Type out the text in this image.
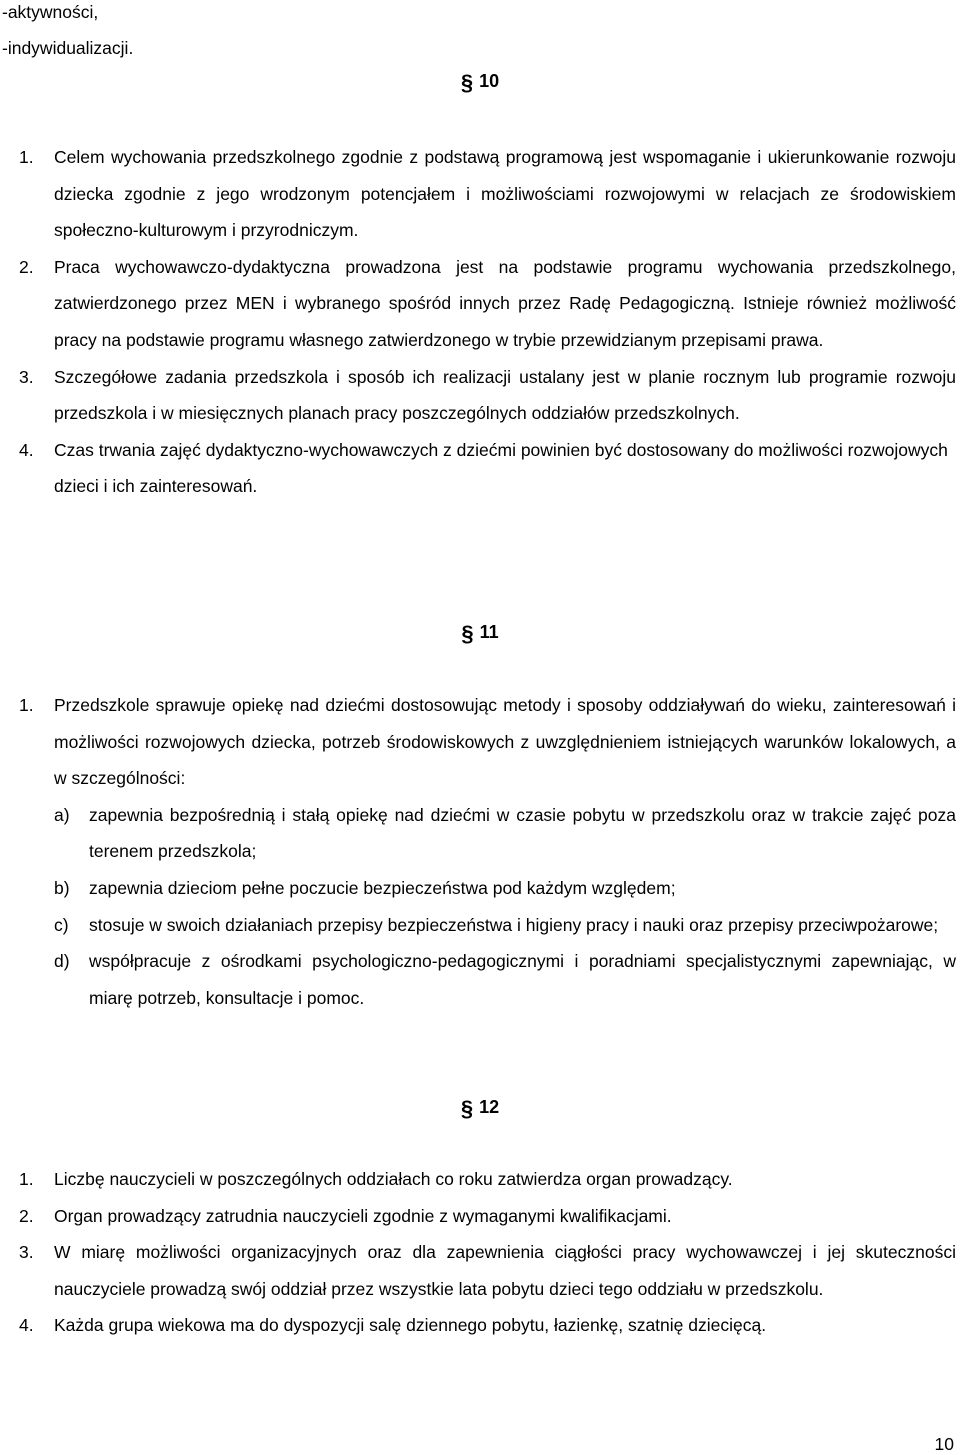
-aktywności,
-indywidualizacji.
§ 10
1. Celem wychowania przedszkolnego zgodnie z podstawą programową jest wspomaganie i ukierunkowanie rozwoju dziecka zgodnie z jego wrodzonym potencjałem i możliwościami rozwojowymi w relacjach ze środowiskiem społeczno-kulturowym i przyrodniczym.
2. Praca wychowawczo-dydaktyczna prowadzona jest na podstawie programu wychowania przedszkolnego, zatwierdzonego przez MEN i wybranego spośród innych przez Radę Pedagogiczną. Istnieje również możliwość pracy na podstawie programu własnego zatwierdzonego w trybie przewidzianym przepisami prawa.
3. Szczegółowe zadania przedszkola i sposób ich realizacji ustalany jest w planie rocznym lub programie rozwoju przedszkola i w miesięcznych planach pracy poszczególnych oddziałów przedszkolnych.
4. Czas trwania zajęć dydaktyczno-wychowawczych z dziećmi powinien być dostosowany do możliwości rozwojowych dzieci i ich zainteresowań.
§ 11
1. Przedszkole sprawuje opiekę nad dziećmi dostosowując metody i sposoby oddziaływań do wieku, zainteresowań i możliwości rozwojowych dziecka, potrzeb środowiskowych z uwzględnieniem istniejących warunków lokalowych, a w szczególności:
a) zapewnia bezpośrednią i stałą opiekę nad dziećmi w czasie pobytu w przedszkolu oraz w trakcie zajęć poza terenem przedszkola;
b) zapewnia dzieciom pełne poczucie bezpieczeństwa pod każdym względem;
c) stosuje w swoich działaniach przepisy bezpieczeństwa i higieny pracy i nauki oraz przepisy przeciwpożarowe;
d) współpracuje z ośrodkami psychologiczno-pedagogicznymi i poradniami specjalistycznymi zapewniając, w miarę potrzeb, konsultacje i pomoc.
§ 12
1. Liczbę nauczycieli w poszczególnych oddziałach co roku zatwierdza organ prowadzący.
2. Organ prowadzący zatrudnia nauczycieli zgodnie z wymaganymi kwalifikacjami.
3. W miarę możliwości organizacyjnych oraz dla zapewnienia ciągłości pracy wychowawczej i jej skuteczności nauczyciele prowadzą swój oddział przez wszystkie lata pobytu dzieci tego oddziału w przedszkolu.
4. Każda grupa wiekowa ma do dyspozycji salę dziennego pobytu, łazienkę, szatnię dziecięcą.
10
